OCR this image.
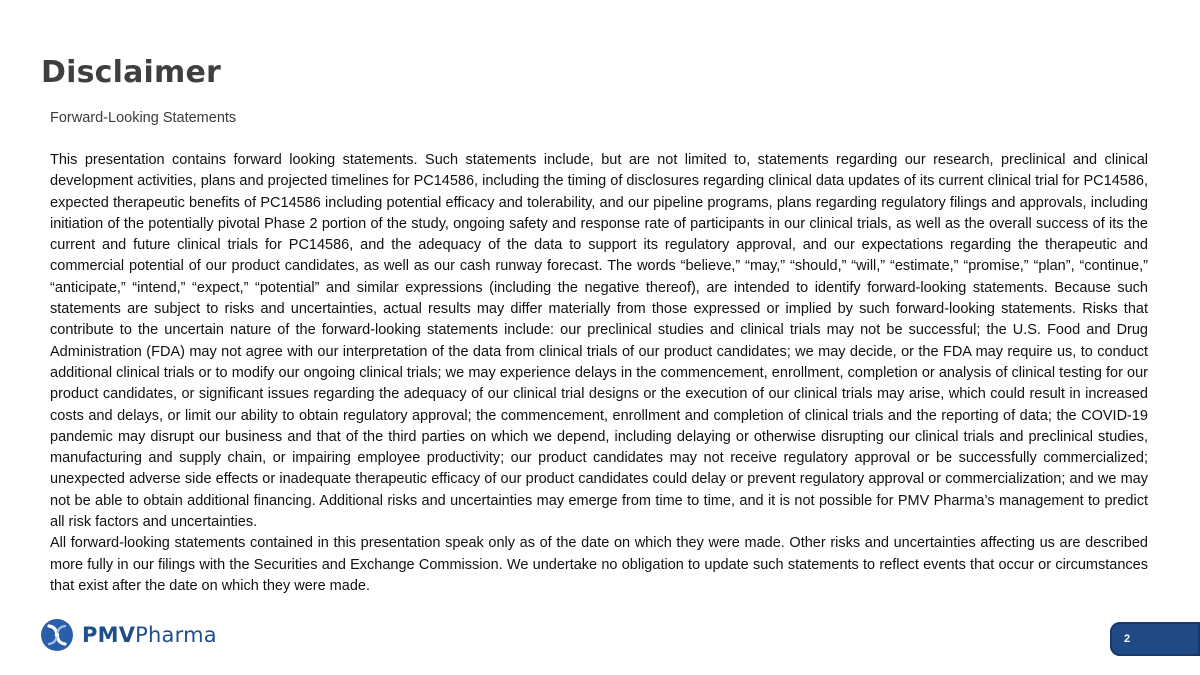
Disclaimer
Forward-Looking Statements

This presentation contains forward looking statements. Such statements include, but are not limited to, statements regarding our research, preclinical and clinical development activities, plans and projected timelines for PC14586, including the timing of disclosures regarding clinical data updates of its current clinical trial for PC14586, expected therapeutic benefits of PC14586 including potential efficacy and tolerability, and our pipeline programs, plans regarding regulatory filings and approvals, including initiation of the potentially pivotal Phase 2 portion of the study, ongoing safety and response rate of participants in our clinical trials, as well as the overall success of its the current and future clinical trials for PC14586, and the adequacy of the data to support its regulatory approval, and our expectations regarding the therapeutic and commercial potential of our product candidates, as well as our cash runway forecast. The words “believe,” “may,” “should,” “will,” “estimate,” “promise,” “plan”, “continue,” “anticipate,” “intend,” “expect,” “potential” and similar expressions (including the negative thereof), are intended to identify forward-looking statements. Because such statements are subject to risks and uncertainties, actual results may differ materially from those expressed or implied by such forward-looking statements. Risks that contribute to the uncertain nature of the forward-looking statements include: our preclinical studies and clinical trials may not be successful; the U.S. Food and Drug Administration (FDA) may not agree with our interpretation of the data from clinical trials of our product candidates; we may decide, or the FDA may require us, to conduct additional clinical trials or to modify our ongoing clinical trials; we may experience delays in the commencement, enrollment, completion or analysis of clinical testing for our product candidates, or significant issues regarding the adequacy of our clinical trial designs or the execution of our clinical trials may arise, which could result in increased costs and delays, or limit our ability to obtain regulatory approval; the commencement, enrollment and completion of clinical trials and the reporting of data; the COVID-19 pandemic may disrupt our business and that of the third parties on which we depend, including delaying or otherwise disrupting our clinical trials and preclinical studies, manufacturing and supply chain, or impairing employee productivity; our product candidates may not receive regulatory approval or be successfully commercialized; unexpected adverse side effects or inadequate therapeutic efficacy of our product candidates could delay or prevent regulatory approval or commercialization; and we may not be able to obtain additional financing. Additional risks and uncertainties may emerge from time to time, and it is not possible for PMV Pharma’s management to predict all risk factors and uncertainties.

All forward-looking statements contained in this presentation speak only as of the date on which they were made. Other risks and uncertainties affecting us are described more fully in our filings with the Securities and Exchange Commission. We undertake no obligation to update such statements to reflect events that occur or circumstances that exist after the date on which they were made.

PMVPharma	2
